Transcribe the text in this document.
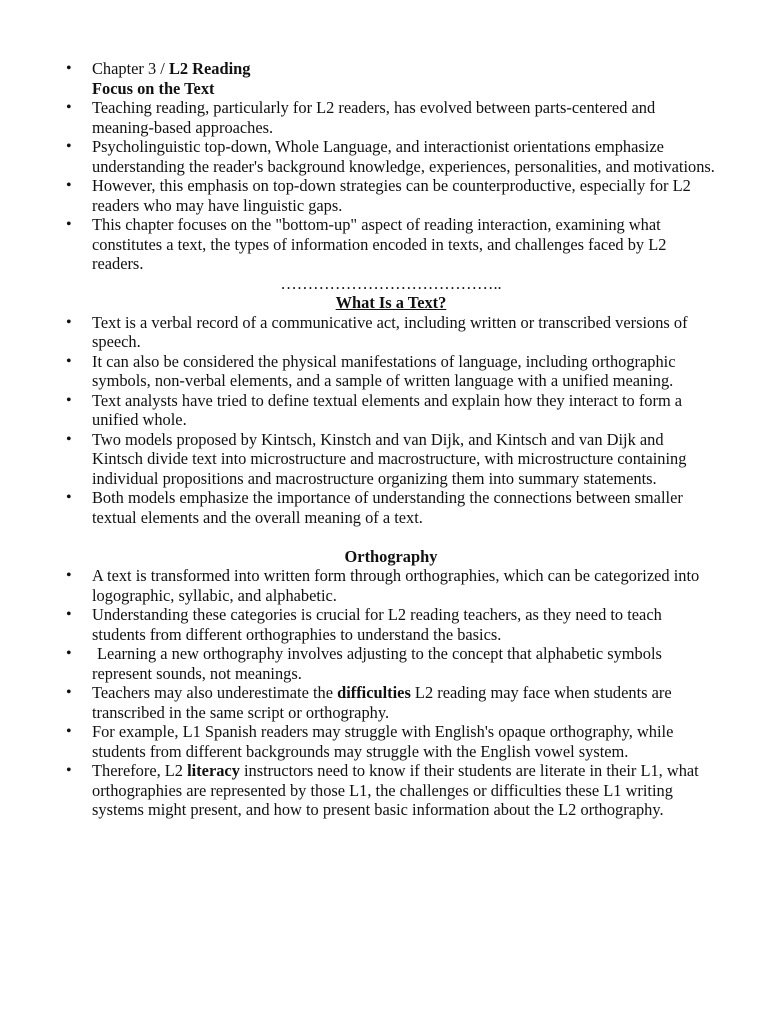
•	Chapter 3 / L2 Reading
Focus on the Text
•	Teaching reading, particularly for L2 readers, has evolved between parts-centered and meaning-based approaches.
•	Psycholinguistic top-down, Whole Language, and interactionist orientations emphasize understanding the reader's background knowledge, experiences, personalities, and motivations.
•	However, this emphasis on top-down strategies can be counterproductive, especially for L2 readers who may have linguistic gaps.
•	This chapter focuses on the "bottom-up" aspect of reading interaction, examining what constitutes a text, the types of information encoded in texts, and challenges faced by L2 readers.
…………………………………..
What Is a Text?
•	Text is a verbal record of a communicative act, including written or transcribed versions of speech.
•	It can also be considered the physical manifestations of language, including orthographic symbols, non-verbal elements, and a sample of written language with a unified meaning.
•	Text analysts have tried to define textual elements and explain how they interact to form a unified whole.
•	Two models proposed by Kintsch, Kinstch and van Dijk, and Kintsch and van Dijk and Kintsch divide text into microstructure and macrostructure, with microstructure containing individual propositions and macrostructure organizing them into summary statements.
•	Both models emphasize the importance of understanding the connections between smaller textual elements and the overall meaning of a text.
Orthography
•	A text is transformed into written form through orthographies, which can be categorized into logographic, syllabic, and alphabetic.
•	Understanding these categories is crucial for L2 reading teachers, as they need to teach students from different orthographies to understand the basics.
•	Learning a new orthography involves adjusting to the concept that alphabetic symbols represent sounds, not meanings.
•	Teachers may also underestimate the difficulties L2 reading may face when students are transcribed in the same script or orthography.
•	For example, L1 Spanish readers may struggle with English's opaque orthography, while students from different backgrounds may struggle with the English vowel system.
•	Therefore, L2 literacy instructors need to know if their students are literate in their L1, what orthographies are represented by those L1, the challenges or difficulties these L1 writing systems might present, and how to present basic information about the L2 orthography.
